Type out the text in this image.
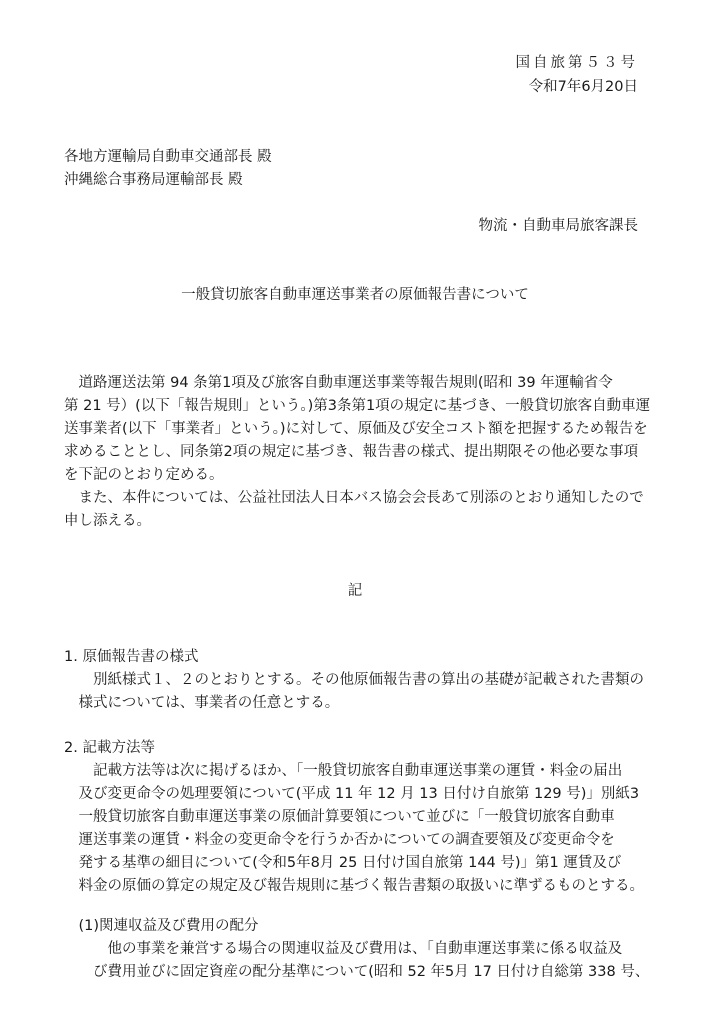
国自旅第５３号

令和7年6月20日

各地方運輸局自動車交通部長 殿

沖縄総合事務局運輸部長 殿

物流・自動車局旅客課長

一般貸切旅客自動車運送事業者の原価報告書について

　道路運送法第 94 条第1項及び旅客自動車運送事業等報告規則(昭和 39 年運輸省令
第 21 号）(以下「報告規則」という。)第3条第1項の規定に基づき、一般貸切旅客自動車運
送事業者(以下「事業者」という。)に対して、原価及び安全コスト額を把握するため報告を
求めることとし、同条第2項の規定に基づき、報告書の様式、提出期限その他必要な事項
を下記のとおり定める。
　また、本件については、公益社団法人日本バス協会会長あて別添のとおり通知したので
申し添える。

記

1. 原価報告書の様式

　　別紙様式１、２のとおりとする。その他原価報告書の算出の基礎が記載された書類の
　様式については、事業者の任意とする。

2. 記載方法等

　　記載方法等は次に掲げるほか、「一般貸切旅客自動車運送事業の運賃・料金の届出
　及び変更命令の処理要領について(平成 11 年 12 月 13 日付け自旅第 129 号)」別紙3
　一般貸切旅客自動車運送事業の原価計算要領について並びに「一般貸切旅客自動車
　運送事業の運賃・料金の変更命令を行うか否かについての調査要領及び変更命令を
　発する基準の細目について(令和5年8月 25 日付け国自旅第 144 号)」第1 運賃及び
　料金の原価の算定の規定及び報告規則に基づく報告書類の取扱いに準ずるものとする。

　(1)関連収益及び費用の配分

　　　他の事業を兼営する場合の関連収益及び費用は、「自動車運送事業に係る収益及
　　び費用並びに固定資産の配分基準について(昭和 52 年5月 17 日付け自総第 338 号、
